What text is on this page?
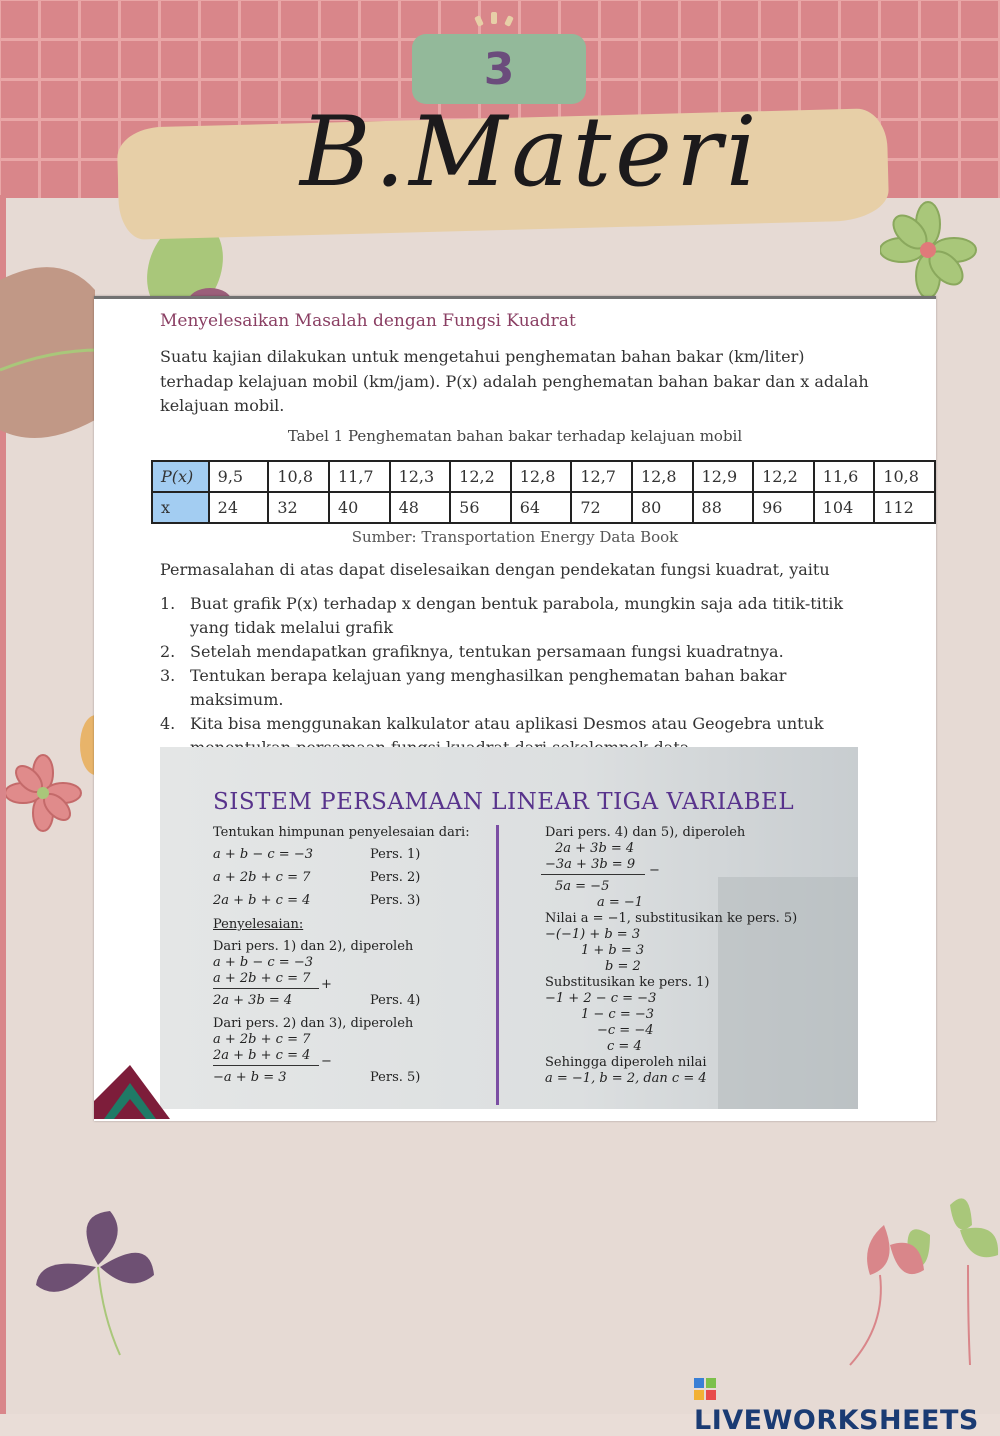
3
B.Materi
Menyelesaikan Masalah dengan Fungsi Kuadrat
Suatu kajian dilakukan untuk mengetahui penghematan bahan bakar (km/liter) terhadap kelajuan mobil (km/jam). P(x) adalah penghematan bahan bakar dan x adalah kelajuan mobil.
Tabel 1 Penghematan bahan bakar terhadap kelajuan mobil
P(x)	9,5	10,8	11,7	12,3	12,2	12,8	12,7	12,8	12,9	12,2	11,6	10,8
x	24	32	40	48	56	64	72	80	88	96	104	112
Sumber: Transportation Energy Data Book
Permasalahan di atas dapat diselesaikan dengan pendekatan fungsi kuadrat, yaitu
1. Buat grafik P(x) terhadap x dengan bentuk parabola, mungkin saja ada titik-titik yang tidak melalui grafik
2. Setelah mendapatkan grafiknya, tentukan persamaan fungsi kuadratnya.
3. Tentukan berapa kelajuan yang menghasilkan penghematan bahan bakar maksimum.
4. Kita bisa menggunakan kalkulator atau aplikasi Desmos atau Geogebra untuk
SISTEM PERSAMAAN LINEAR TIGA VARIABEL
Tentukan himpunan penyelesaian dari:
a + b − c = −3	Pers. 1)
a + 2b + c = 7	Pers. 2)
2a + b + c = 4	Pers. 3)
Penyelesaian:
Dari pers. 1) dan 2), diperoleh
a + b − c = −3
a + 2b + c = 7 +
2a + 3b = 4	Pers. 4)
Dari pers. 2) dan 3), diperoleh
a + 2b + c = 7
2a + b + c = 4 −
−a + b = 3	Pers. 5)
Dari pers. 4) dan 5), diperoleh
2a + 3b = 4
−3a + 3b = 9 −
5a = −5
a = −1
Nilai a = −1, substitusikan ke pers. 5)
−(−1) + b = 3
1 + b = 3
b = 2
Substitusikan ke pers. 1)
−1 + 2 − c = −3
1 − c = −3
−c = −4
c = 4
Sehingga diperoleh nilai
a = −1, b = 2, dan c = 4
LIVEWORKSHEETS
